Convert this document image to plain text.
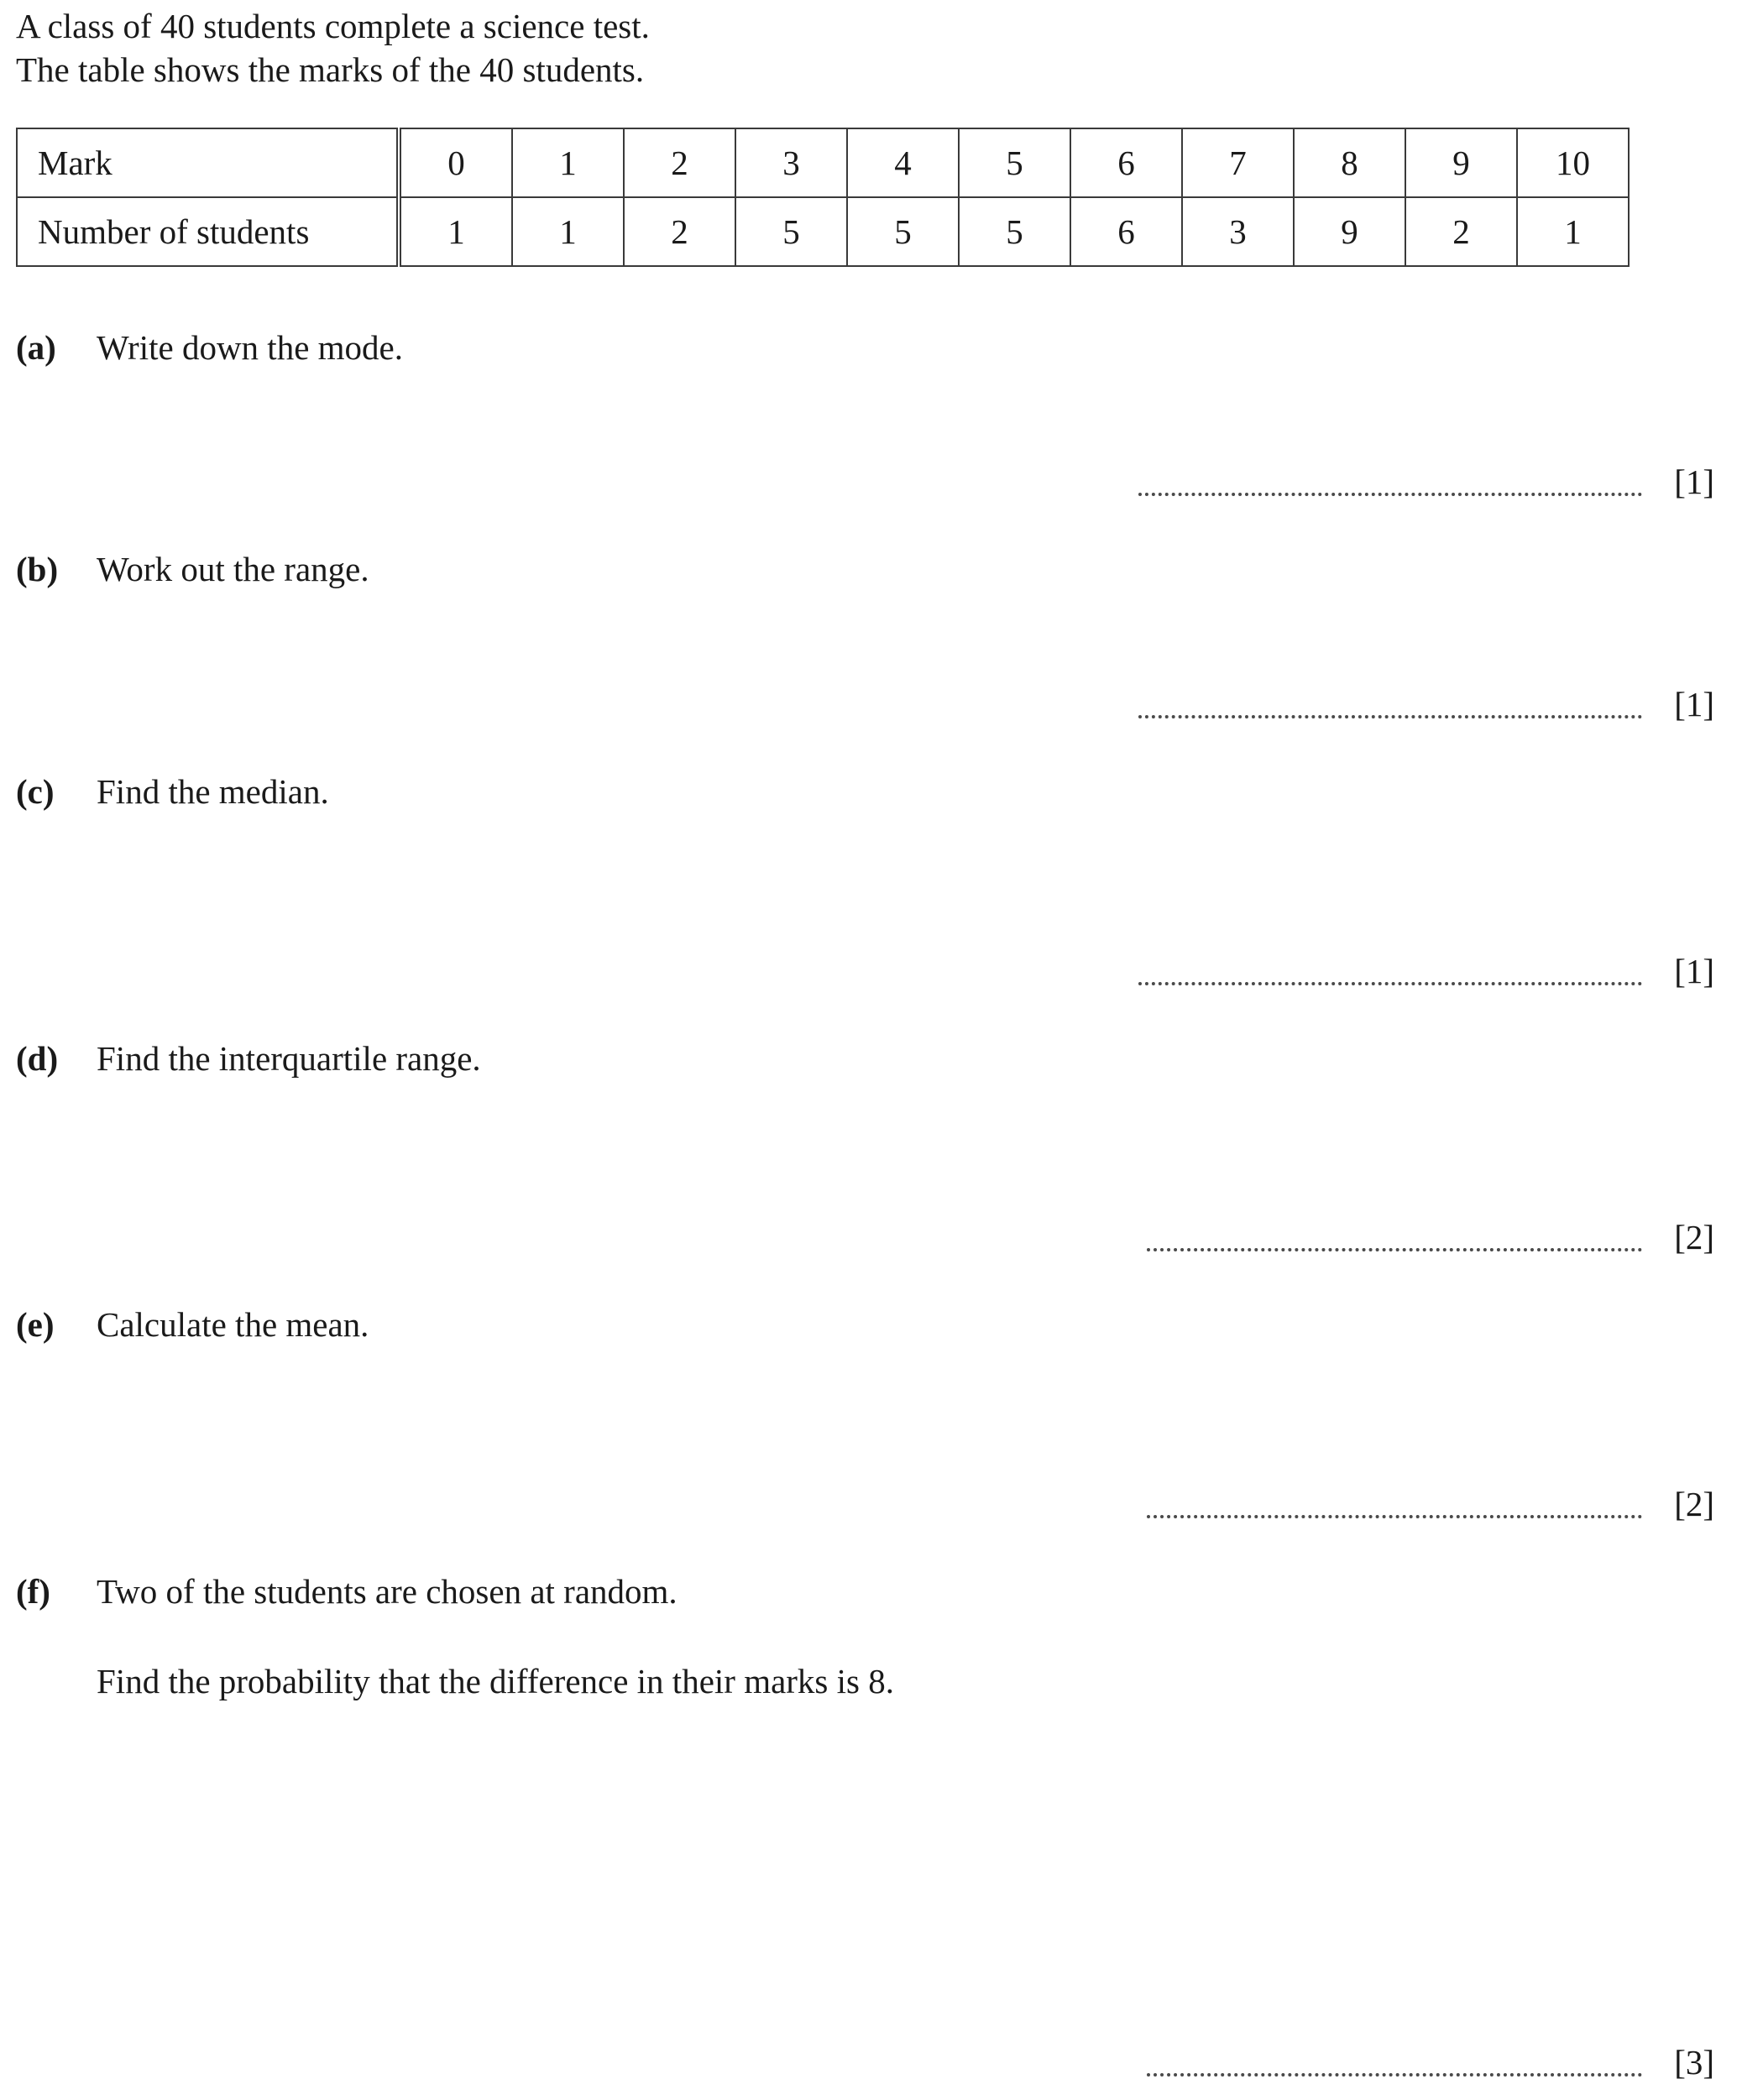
A class of 40 students complete a science test.
The table shows the marks of the 40 students.
Mark	0	1	2	3	4	5	6	7	8	9	10
Number of students	1	1	2	5	5	5	6	3	9	2	1
(a) Write down the mode.
[1]
(b) Work out the range.
[1]
(c) Find the median.
[1]
(d) Find the interquartile range.
[2]
(e) Calculate the mean.
[2]
(f) Two of the students are chosen at random.
Find the probability that the difference in their marks is 8.
[3]
